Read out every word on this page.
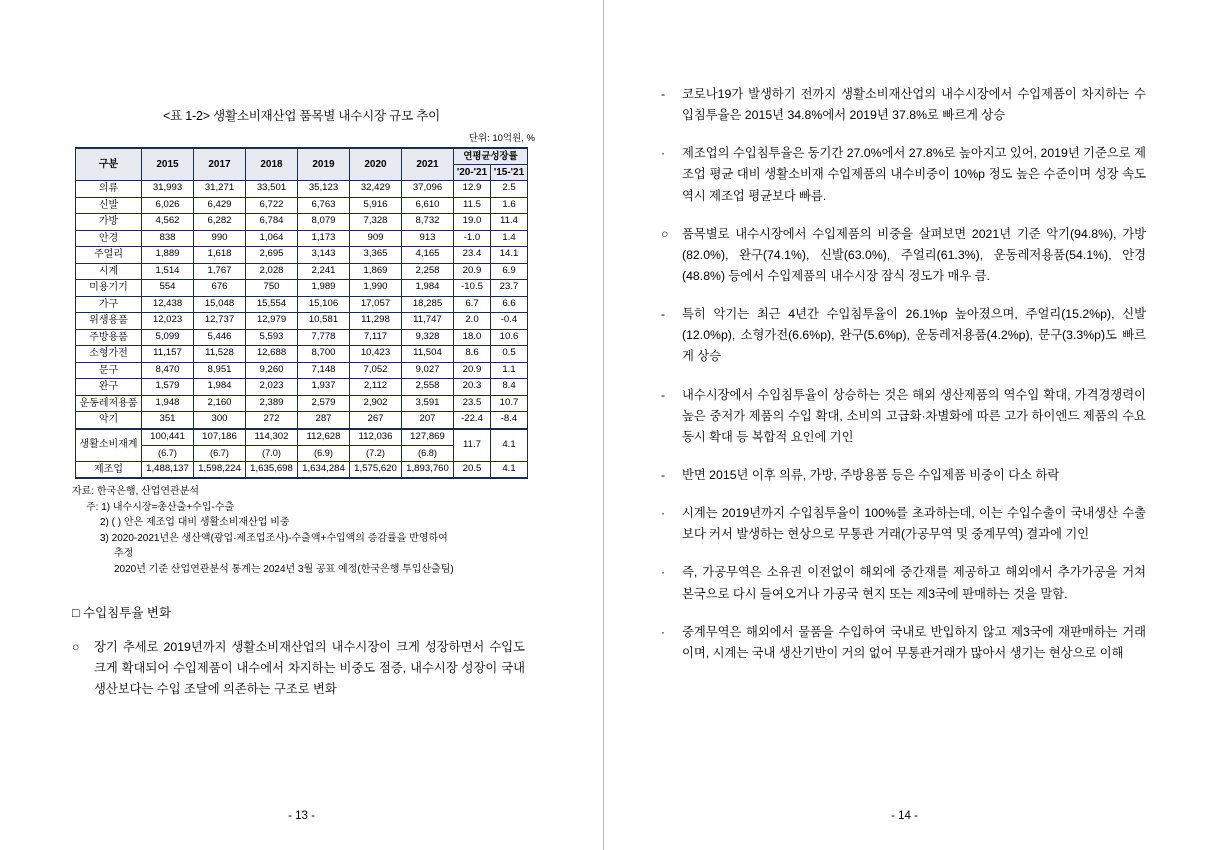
<표 1-2> 생활소비재산업 품목별 내수시장 규모 추이
단위: 10억원, %
구분	2015	2017	2018	2019	2020	2021	연평균성장률	
							'20-'21	'15-'21
의류	31,993	31,271	33,501	35,123	32,429	37,096	12.9	2.5
신발	6,026	6,429	6,722	6,763	5,916	6,610	11.5	1.6
가방	4,562	6,282	6,784	8,079	7,328	8,732	19.0	11.4
안경	838	990	1,064	1,173	909	913	-1.0	1.4
주얼리	1,889	1,618	2,695	3,143	3,365	4,165	23.4	14.1
시계	1,514	1,767	2,028	2,241	1,869	2,258	20.9	6.9
미용기기	554	676	750	1,989	1,990	1,984	-10.5	23.7
가구	12,438	15,048	15,554	15,106	17,057	18,285	6.7	6.6
위생용품	12,023	12,737	12,979	10,581	11,298	11,747	2.0	-0.4
주방용품	5,099	5,446	5,593	7,778	7,117	9,328	18.0	10.6
소형가전	11,157	11,528	12,688	8,700	10,423	11,504	8.6	0.5
문구	8,470	8,951	9,260	7,148	7,052	9,027	20.9	1.1
완구	1,579	1,984	2,023	1,937	2,112	2,558	20.3	8.4
운동레저용품	1,948	2,160	2,389	2,579	2,902	3,591	23.5	10.7
악기	351	300	272	287	267	207	-22.4	-8.4
생활소비재계	100,441	107,186	114,302	112,628	112,036	127,869	11.7	4.1
	(6.7)	(6.7)	(7.0)	(6.9)	(7.2)	(6.8)		
제조업	1,488,137	1,598,224	1,635,698	1,634,284	1,575,620	1,893,760	20.5	4.1
자료: 한국은행, 산업연관분석
주: 1) 내수시장=총산출+수입-수출
2) ( ) 안은 제조업 대비 생활소비재산업 비중
3) 2020-2021년은 생산액(광업·제조업조사)-수출액+수입액의 증감률을 반영하여
추정
2020년 기준 산업연관분석 통계는 2024년 3월 공표 예정(한국은행 투입산출팀)
□ 수입침투율 변화
○ 장기 추세로 2019년까지 생활소비재산업의 내수시장이 크게 성장하면서 수입도 크게 확대되어 수입제품이 내수에서 차지하는 비중도 점증, 내수시장 성장이 국내 생산보다는 수입 조달에 의존하는 구조로 변화
- 13 -
- 코로나19가 발생하기 전까지 생활소비재산업의 내수시장에서 수입제품이 차지하는 수입침투율은 2015년 34.8%에서 2019년 37.8%로 빠르게 상승
· 제조업의 수입침투율은 동기간 27.0%에서 27.8%로 높아지고 있어, 2019년 기준으로 제조업 평균 대비 생활소비재 수입제품의 내수비중이 10%p 정도 높은 수준이며 성장 속도 역시 제조업 평균보다 빠름.
○ 품목별로 내수시장에서 수입제품의 비중을 살펴보면 2021년 기준 악기(94.8%), 가방(82.0%), 완구(74.1%), 신발(63.0%), 주얼리(61.3%), 운동레저용품(54.1%), 안경(48.8%) 등에서 수입제품의 내수시장 잠식 정도가 매우 큼.
- 특히 악기는 최근 4년간 수입침투율이 26.1%p 높아졌으며, 주얼리(15.2%p), 신발(12.0%p), 소형가전(6.6%p), 완구(5.6%p), 운동레저용품(4.2%p), 문구(3.3%p)도 빠르게 상승
- 내수시장에서 수입침투율이 상승하는 것은 해외 생산제품의 역수입 확대, 가격경쟁력이 높은 중저가 제품의 수입 확대, 소비의 고급화·차별화에 따른 고가 하이엔드 제품의 수요 동시 확대 등 복합적 요인에 기인
- 반면 2015년 이후 의류, 가방, 주방용품 등은 수입제품 비중이 다소 하락
· 시계는 2019년까지 수입침투율이 100%를 초과하는데, 이는 수입수출이 국내생산 수출보다 커서 발생하는 현상으로 무통관 거래(가공무역 및 중계무역) 결과에 기인
· 즉, 가공무역은 소유권 이전없이 해외에 중간재를 제공하고 해외에서 추가가공을 거쳐 본국으로 다시 들여오거나 가공국 현지 또는 제3국에 판매하는 것을 말함.
· 중계무역은 해외에서 물품을 수입하여 국내로 반입하지 않고 제3국에 재판매하는 거래이며, 시계는 국내 생산기반이 거의 없어 무통관거래가 많아서 생기는 현상으로 이해
- 14 -
